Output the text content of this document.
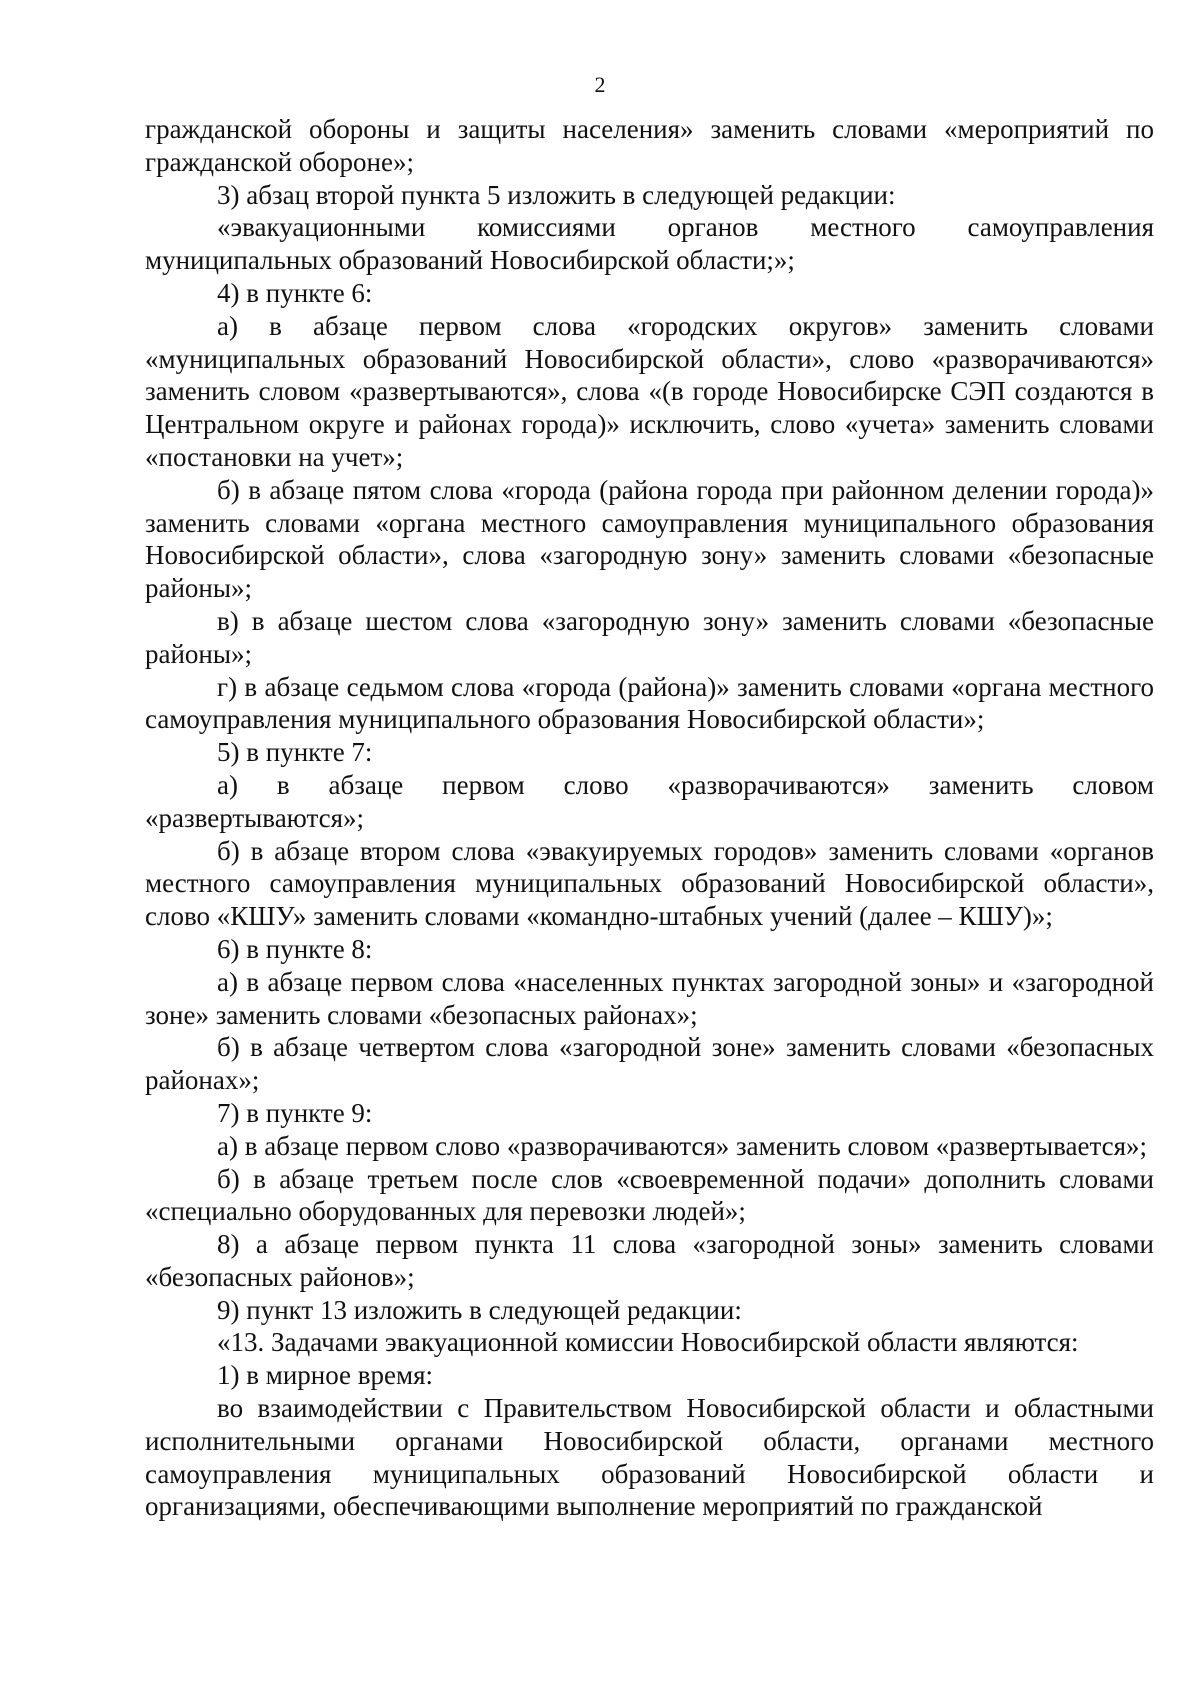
2

гражданской обороны и защиты населения» заменить словами «мероприятий по гражданской обороне»;

3) абзац второй пункта 5 изложить в следующей редакции:

«эвакуационными комиссиями органов местного самоуправления муниципальных образований Новосибирской области;»;

4) в пункте 6:

а) в абзаце первом слова «городских округов» заменить словами «муниципальных образований Новосибирской области», слово «разворачиваются» заменить словом «развертываются», слова «(в городе Новосибирске СЭП создаются в Центральном округе и районах города)» исключить, слово «учета» заменить словами «постановки на учет»;

б) в абзаце пятом слова «города (района города при районном делении города)» заменить словами «органа местного самоуправления муниципального образования Новосибирской области», слова «загородную зону» заменить словами «безопасные районы»;

в) в абзаце шестом слова «загородную зону» заменить словами «безопасные районы»;

г) в абзаце седьмом слова «города (района)» заменить словами «органа местного самоуправления муниципального образования Новосибирской области»;

5) в пункте 7:

а) в абзаце первом слово «разворачиваются» заменить словом «развертываются»;

б) в абзаце втором слова «эвакуируемых городов» заменить словами «органов местного самоуправления муниципальных образований Новосибирской области», слово «КШУ» заменить словами «командно-штабных учений (далее – КШУ)»;

6) в пункте 8:

а) в абзаце первом слова «населенных пунктах загородной зоны» и «загородной зоне» заменить словами «безопасных районах»;

б) в абзаце четвертом слова «загородной зоне» заменить словами «безопасных районах»;

7) в пункте 9:

а) в абзаце первом слово «разворачиваются» заменить словом «развертывается»;

б) в абзаце третьем после слов «своевременной подачи» дополнить словами «специально оборудованных для перевозки людей»;

8) а абзаце первом пункта 11 слова «загородной зоны» заменить словами «безопасных районов»;

9) пункт 13 изложить в следующей редакции:

«13. Задачами эвакуационной комиссии Новосибирской области являются:

1) в мирное время:

во взаимодействии с Правительством Новосибирской области и областными исполнительными органами Новосибирской области, органами местного самоуправления муниципальных образований Новосибирской области и организациями, обеспечивающими выполнение мероприятий по гражданской
